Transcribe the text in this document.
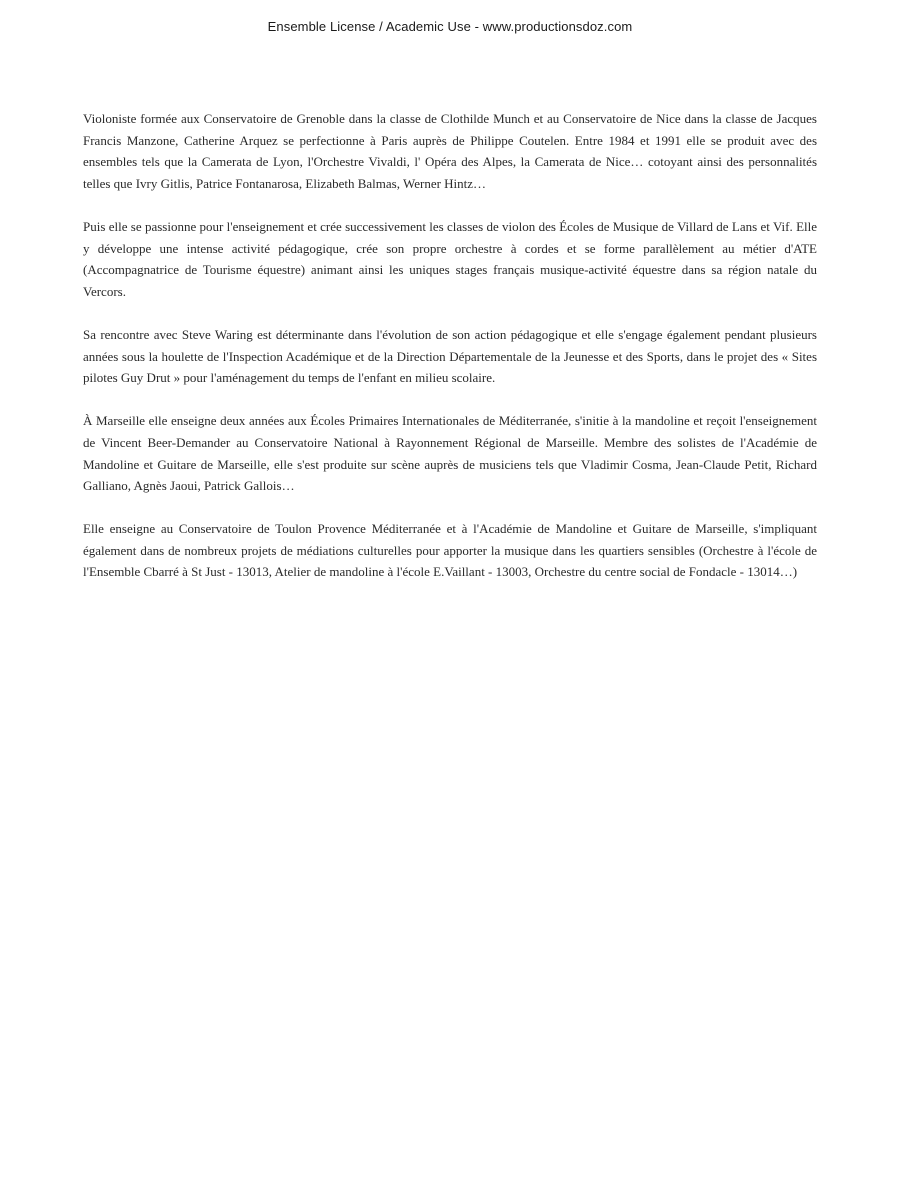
Ensemble License / Academic Use - www.productionsdoz.com

Violoniste formée aux Conservatoire de Grenoble dans la classe de Clothilde Munch et au Conservatoire de Nice dans la classe de Jacques Francis Manzone, Catherine Arquez se perfectionne à Paris auprès de Philippe Coutelen. Entre 1984 et 1991 elle se produit avec des ensembles tels que la Camerata de Lyon, l'Orchestre Vivaldi, l' Opéra des Alpes, la Camerata de Nice… cotoyant ainsi des personnalités telles que Ivry Gitlis, Patrice Fontanarosa, Elizabeth Balmas, Werner Hintz…

Puis elle se passionne pour l'enseignement et crée successivement les classes de violon des Écoles de Musique de Villard de Lans et Vif. Elle y développe une intense activité pédagogique, crée son propre orchestre à cordes et se forme parallèlement au métier d'ATE (Accompagnatrice de Tourisme équestre) animant ainsi les uniques stages français musique-activité équestre dans sa région natale du Vercors.

Sa rencontre avec Steve Waring est déterminante dans l'évolution de son action pédagogique et elle s'engage également pendant plusieurs années sous la houlette de l'Inspection Académique et de la Direction Départementale de la Jeunesse et des Sports, dans le projet des « Sites pilotes Guy Drut » pour l'aménagement du temps de l'enfant en milieu scolaire.

À Marseille elle enseigne deux années aux Écoles Primaires Internationales de Méditerranée, s'initie à la mandoline et reçoit l'enseignement de Vincent Beer-Demander au Conservatoire National à Rayonnement Régional de Marseille. Membre des solistes de l'Académie de Mandoline et Guitare de Marseille, elle s'est produite sur scène auprès de musiciens tels que Vladimir Cosma, Jean-Claude Petit, Richard Galliano, Agnès Jaoui, Patrick Gallois…

Elle enseigne au Conservatoire de Toulon Provence Méditerranée et à l'Académie de Mandoline et Guitare de Marseille, s'impliquant également dans de nombreux projets de médiations culturelles pour apporter la musique dans les quartiers sensibles (Orchestre à l'école de l'Ensemble Cbarré à St Just - 13013, Atelier de mandoline à l'école E.Vaillant - 13003, Orchestre du centre social de Fondacle - 13014…)
